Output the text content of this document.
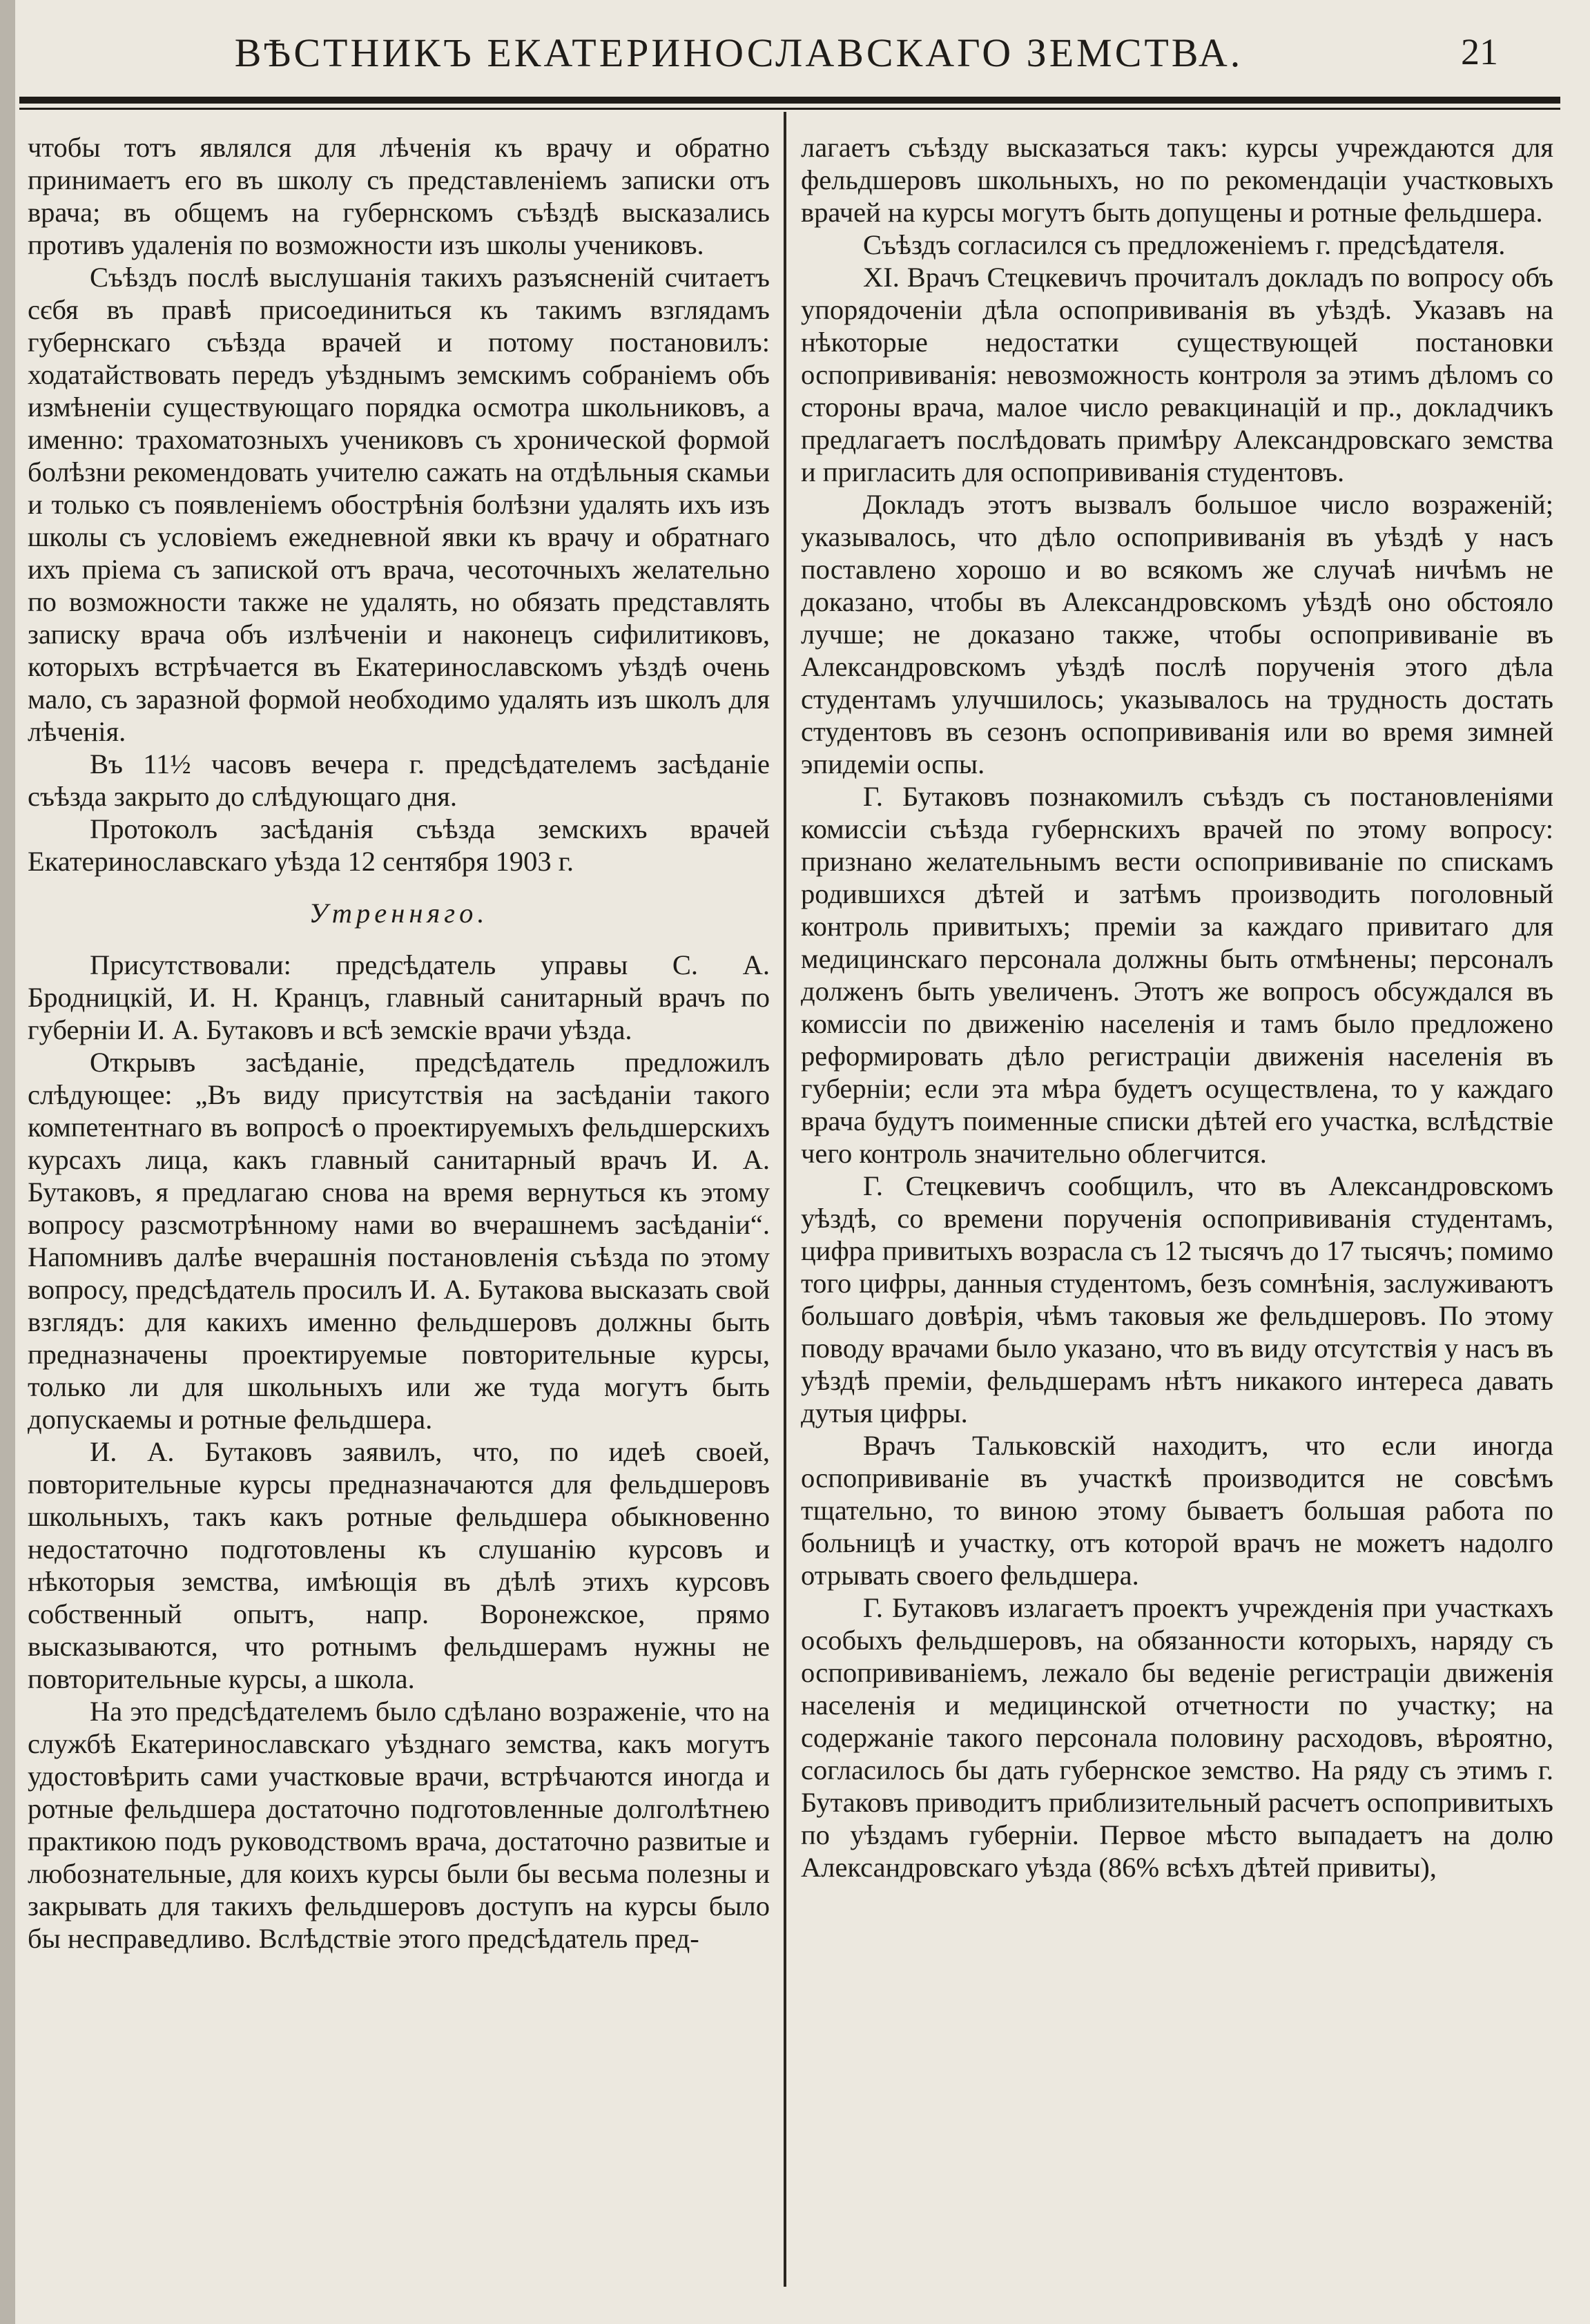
ВѢСТНИКЪ ЕКАТЕРИНОСЛАВСКАГО ЗЕМСТВА.	21

чтобы тотъ являлся для лѣченія къ врачу и обратно принимаетъ его въ школу съ представленіемъ записки отъ врача; въ общемъ на губернскомъ съѣздѣ высказались противъ удаленія по возможности изъ школы учениковъ.

Съѣздъ послѣ выслушанія такихъ разъясненій считаетъ сєбя въ правѣ присоединиться къ такимъ взглядамъ губернскаго съѣзда врачей и потому постановилъ: ходатайствовать передъ уѣзднымъ земскимъ собраніемъ объ измѣненіи существующаго порядка осмотра школьниковъ, а именно: трахоматозныхъ учениковъ съ хронической формой болѣзни рекомендовать учителю сажать на отдѣльныя скамьи и только съ появленіемъ обострѣнія болѣзни удалять ихъ изъ школы съ условіемъ ежедневной явки къ врачу и обратнаго ихъ пріема съ запиской отъ врача, чесоточныхъ желательно по возможности также не удалять, но обязать представлять записку врача объ излѣченіи и наконецъ сифилитиковъ, которыхъ встрѣчается въ Екатеринославскомъ уѣздѣ очень мало, съ заразной формой необходимо удалять изъ школъ для лѣченія.

Въ 11½ часовъ вечера г. предсѣдателемъ засѣданіе съѣзда закрыто до слѣдующаго дня.

Протоколъ засѣданія съѣзда земскихъ врачей Екатеринославскаго уѣзда 12 сентября 1903 г.

Утренняго.

Присутствовали: предсѣдатель управы С. А. Бродницкій, И. Н. Кранцъ, главный санитарный врачъ по губерніи И. А. Бутаковъ и всѣ земскіе врачи уѣзда.

Открывъ засѣданіе, предсѣдатель предложилъ слѣдующее: „Въ виду присутствія на засѣданіи такого компетентнаго въ вопросѣ о проектируемыхъ фельдшерскихъ курсахъ лица, какъ главный санитарный врачъ И. А. Бутаковъ, я предлагаю снова на время вернуться къ этому вопросу разсмотрѣнному нами во вчерашнемъ засѣданіи“. Напомнивъ далѣе вчерашнія постановленія съѣзда по этому вопросу, предсѣдатель просилъ И. А. Бутакова высказать свой взглядъ: для какихъ именно фельдшеровъ должны быть предназначены проектируемые повторительные курсы, только ли для школьныхъ или же туда могутъ быть допускаемы и ротные фельдшера.

И. А. Бутаковъ заявилъ, что, по идеѣ своей, повторительные курсы предназначаются для фельдшеровъ школьныхъ, такъ какъ ротные фельдшера обыкновенно недостаточно подготовлены къ слушанію курсовъ и нѣкоторыя земства, имѣющія въ дѣлѣ этихъ курсовъ собственный опытъ, напр. Воронежское, прямо высказываются, что ротнымъ фельдшерамъ нужны не повторительные курсы, а школа.

На это предсѣдателемъ было сдѣлано возраженіе, что на службѣ Екатеринославскаго уѣзднаго земства, какъ могутъ удостовѣрить сами участковые врачи, встрѣчаются иногда и ротные фельдшера достаточно подготовленные долголѣтнею практикою подъ руководствомъ врача, достаточно развитые и любознательные, для коихъ курсы были бы весьма полезны и закрывать для такихъ фельдшеровъ доступъ на курсы было бы несправедливо. Вслѣдствіе этого предсѣдатель пред-

лагаетъ съѣзду высказаться такъ: курсы учреждаются для фельдшеровъ школьныхъ, но по рекомендаціи участковыхъ врачей на курсы могутъ быть допущены и ротные фельдшера.

Съѣздъ согласился съ предложеніемъ г. предсѣдателя.

XI. Врачъ Стецкевичъ прочиталъ докладъ по вопросу объ упорядоченіи дѣла оспопрививанія въ уѣздѣ. Указавъ на нѣкоторые недостатки существующей постановки оспопрививанія: невозможность контроля за этимъ дѣломъ со стороны врача, малое число ревакцинацій и пр., докладчикъ предлагаетъ послѣдовать примѣру Александровскаго земства и пригласить для оспопрививанія студентовъ.

Докладъ этотъ вызвалъ большое число возраженій; указывалось, что дѣло оспопрививанія въ уѣздѣ у насъ поставлено хорошо и во всякомъ же случаѣ ничѣмъ не доказано, чтобы въ Александровскомъ уѣздѣ оно обстояло лучше; не доказано также, чтобы оспопрививаніе въ Александровскомъ уѣздѣ послѣ порученія этого дѣла студентамъ улучшилось; указывалось на трудность достать студентовъ въ сезонъ оспопрививанія или во время зимней эпидеміи оспы.

Г. Бутаковъ познакомилъ съѣздъ съ постановленіями комиссіи съѣзда губернскихъ врачей по этому вопросу: признано желательнымъ вести оспопрививаніе по спискамъ родившихся дѣтей и затѣмъ производить поголовный контроль привитыхъ; преміи за каждаго привитаго для медицинскаго персонала должны быть отмѣнены; персоналъ долженъ быть увеличенъ. Этотъ же вопросъ обсуждался въ комиссіи по движенію населенія и тамъ было предложено реформировать дѣло регистраціи движенія населенія въ губерніи; если эта мѣра будетъ осуществлена, то у каждаго врача будутъ поименные списки дѣтей его участка, вслѣдствіе чего контроль значительно облегчится.

Г. Стецкевичъ сообщилъ, что въ Александровскомъ уѣздѣ, со времени порученія оспопрививанія студентамъ, цифра привитыхъ возрасла съ 12 тысячъ до 17 тысячъ; помимо того цифры, данныя студентомъ, безъ сомнѣнія, заслуживаютъ большаго довѣрія, чѣмъ таковыя же фельдшеровъ. По этому поводу врачами было указано, что въ виду отсутствія у насъ въ уѣздѣ преміи, фельдшерамъ нѣтъ никакого интереса давать дутыя цифры.

Врачъ Тальковскій находитъ, что если иногда оспопрививаніе въ участкѣ производится не совсѣмъ тщательно, то виною этому бываетъ большая работа по больницѣ и участку, отъ которой врачъ не можетъ надолго отрывать своего фельдшера.

Г. Бутаковъ излагаетъ проектъ учрежденія при участкахъ особыхъ фельдшеровъ, на обязанности которыхъ, наряду съ оспопрививаніемъ, лежало бы веденіе регистраціи движенія населенія и медицинской отчетности по участку; на содержаніе такого персонала половину расходовъ, вѣроятно, согласилось бы дать губернское земство. На ряду съ этимъ г. Бутаковъ приводитъ приблизительный расчетъ оспопривитыхъ по уѣздамъ губерніи. Первое мѣсто выпадаетъ на долю Александровскаго уѣзда (86% всѣхъ дѣтей привиты),
